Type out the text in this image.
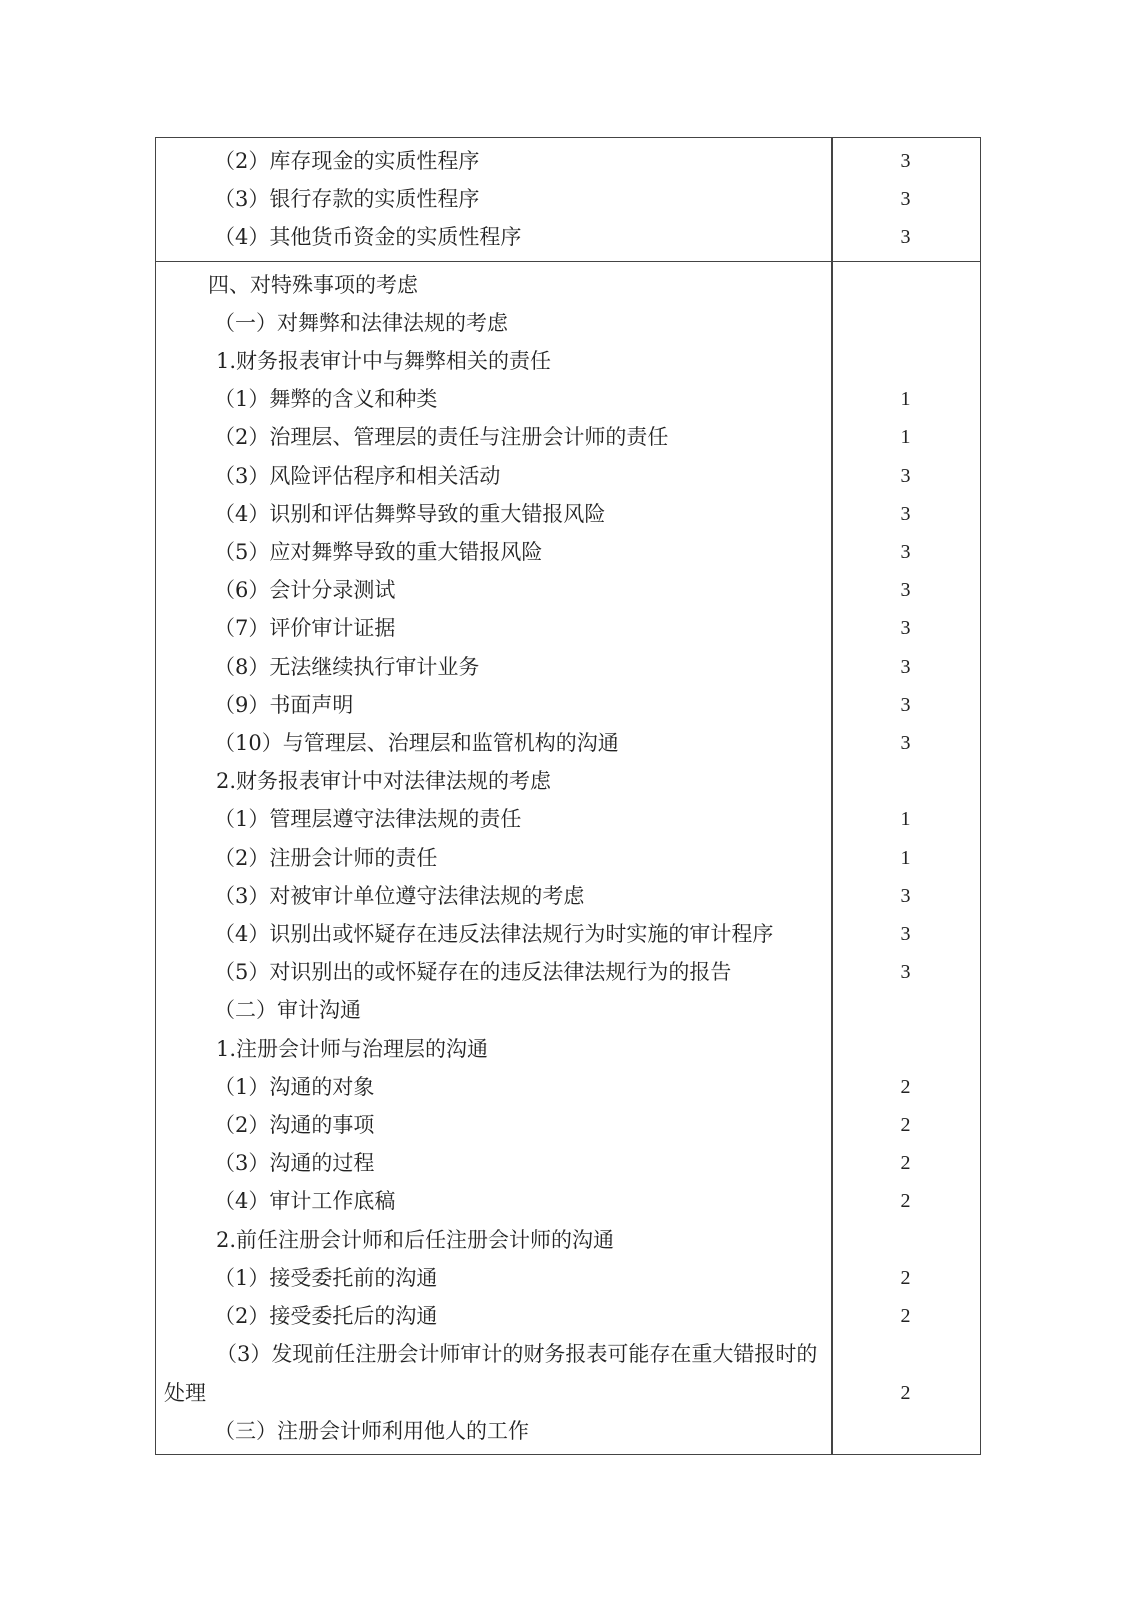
（2）库存现金的实质性程序	3
（3）银行存款的实质性程序	3
（4）其他货币资金的实质性程序	3
四、对特殊事项的考虑
（一）对舞弊和法律法规的考虑
1.财务报表审计中与舞弊相关的责任
（1）舞弊的含义和种类	1
（2）治理层、管理层的责任与注册会计师的责任	1
（3）风险评估程序和相关活动	3
（4）识别和评估舞弊导致的重大错报风险	3
（5）应对舞弊导致的重大错报风险	3
（6）会计分录测试	3
（7）评价审计证据	3
（8）无法继续执行审计业务	3
（9）书面声明	3
（10）与管理层、治理层和监管机构的沟通	3
2.财务报表审计中对法律法规的考虑
（1）管理层遵守法律法规的责任	1
（2）注册会计师的责任	1
（3）对被审计单位遵守法律法规的考虑	3
（4）识别出或怀疑存在违反法律法规行为时实施的审计程序	3
（5）对识别出的或怀疑存在的违反法律法规行为的报告	3
（二）审计沟通
1.注册会计师与治理层的沟通
（1）沟通的对象	2
（2）沟通的事项	2
（3）沟通的过程	2
（4）审计工作底稿	2
2.前任注册会计师和后任注册会计师的沟通
（1）接受委托前的沟通	2
（2）接受委托后的沟通	2
（3）发现前任注册会计师审计的财务报表可能存在重大错报时的处理	2
（三）注册会计师利用他人的工作
